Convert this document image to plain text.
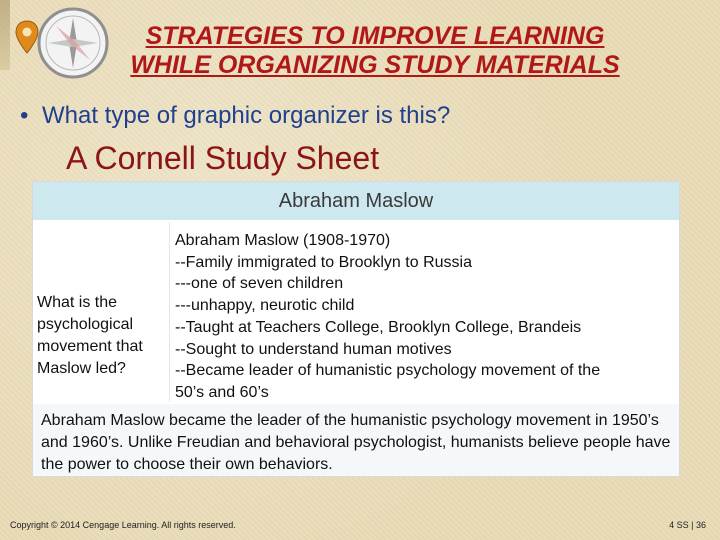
STRATEGIES TO IMPROVE LEARNING
WHILE ORGANIZING STUDY MATERIALS
• What type of graphic organizer is this?
A Cornell Study Sheet
Abraham Maslow
What is the
psychological
movement that
Maslow led?
Abraham Maslow (1908-1970)
--Family immigrated to Brooklyn to Russia
---one of seven children
---unhappy, neurotic child
--Taught at Teachers College, Brooklyn College, Brandeis
--Sought to understand human motives
--Became leader of humanistic psychology movement of the
50’s and 60’s

Abraham Maslow became the leader of the humanistic psychology movement in 1950’s and 1960’s. Unlike Freudian and behavioral psychologist, humanists believe people have the power to choose their own behaviors.

Copyright © 2014 Cengage Learning. All rights reserved.	4 SS | 36
